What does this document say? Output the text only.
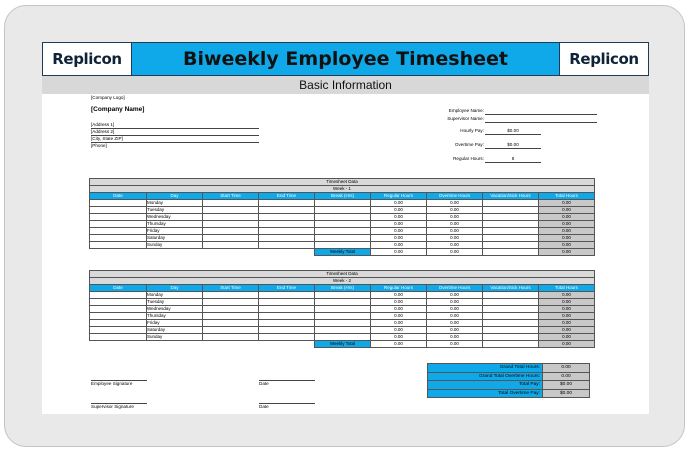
Replicon	Biweekly Employee Timesheet	Replicon
Basic Information
[Company Logo]
[Company Name]
[Address 1]
[Address 2]
[City, State ZIP]
[Phone]
Employee Name:
Supervisor Name:
Hourly Pay:	$0.00
Overtime Pay:	$0.00
Regular Hours:	8
Timesheet Data								
Week - 1								
Date	Day	Start Time	End Time	Break (Hrs)	Regular Hours	Overtime Hours	Vacation/Sick Hours	Total Hours
	Monday				0.00	0.00		0.00
	Tuesday				0.00	0.00		0.00
	Wednesday				0.00	0.00		0.00
	Thursday				0.00	0.00		0.00
	Friday				0.00	0.00		0.00
	Saturday				0.00	0.00		0.00
	Sunday				0.00	0.00		0.00
				Weekly Total	0.00	0.00		0.00
Timesheet Data								
Week - 2								
Date	Day	Start Time	End Time	Break (Hrs)	Regular Hours	Overtime Hours	Vacation/Sick Hours	Total Hours
	Monday				0.00	0.00		0.00
	Tuesday				0.00	0.00		0.00
	Wednesday				0.00	0.00		0.00
	Thursday				0.00	0.00		0.00
	Friday				0.00	0.00		0.00
	Saturday				0.00	0.00		0.00
	Sunday				0.00	0.00		0.00
				Weekly Total	0.00	0.00		0.00
Employee Signature	Date
Supervisor Signature	Date
Grand Total Hours:	0.00
Grand Total Overtime Hours:	0.00
Total Pay:	$0.00
Total Overtime Pay:	$0.00
